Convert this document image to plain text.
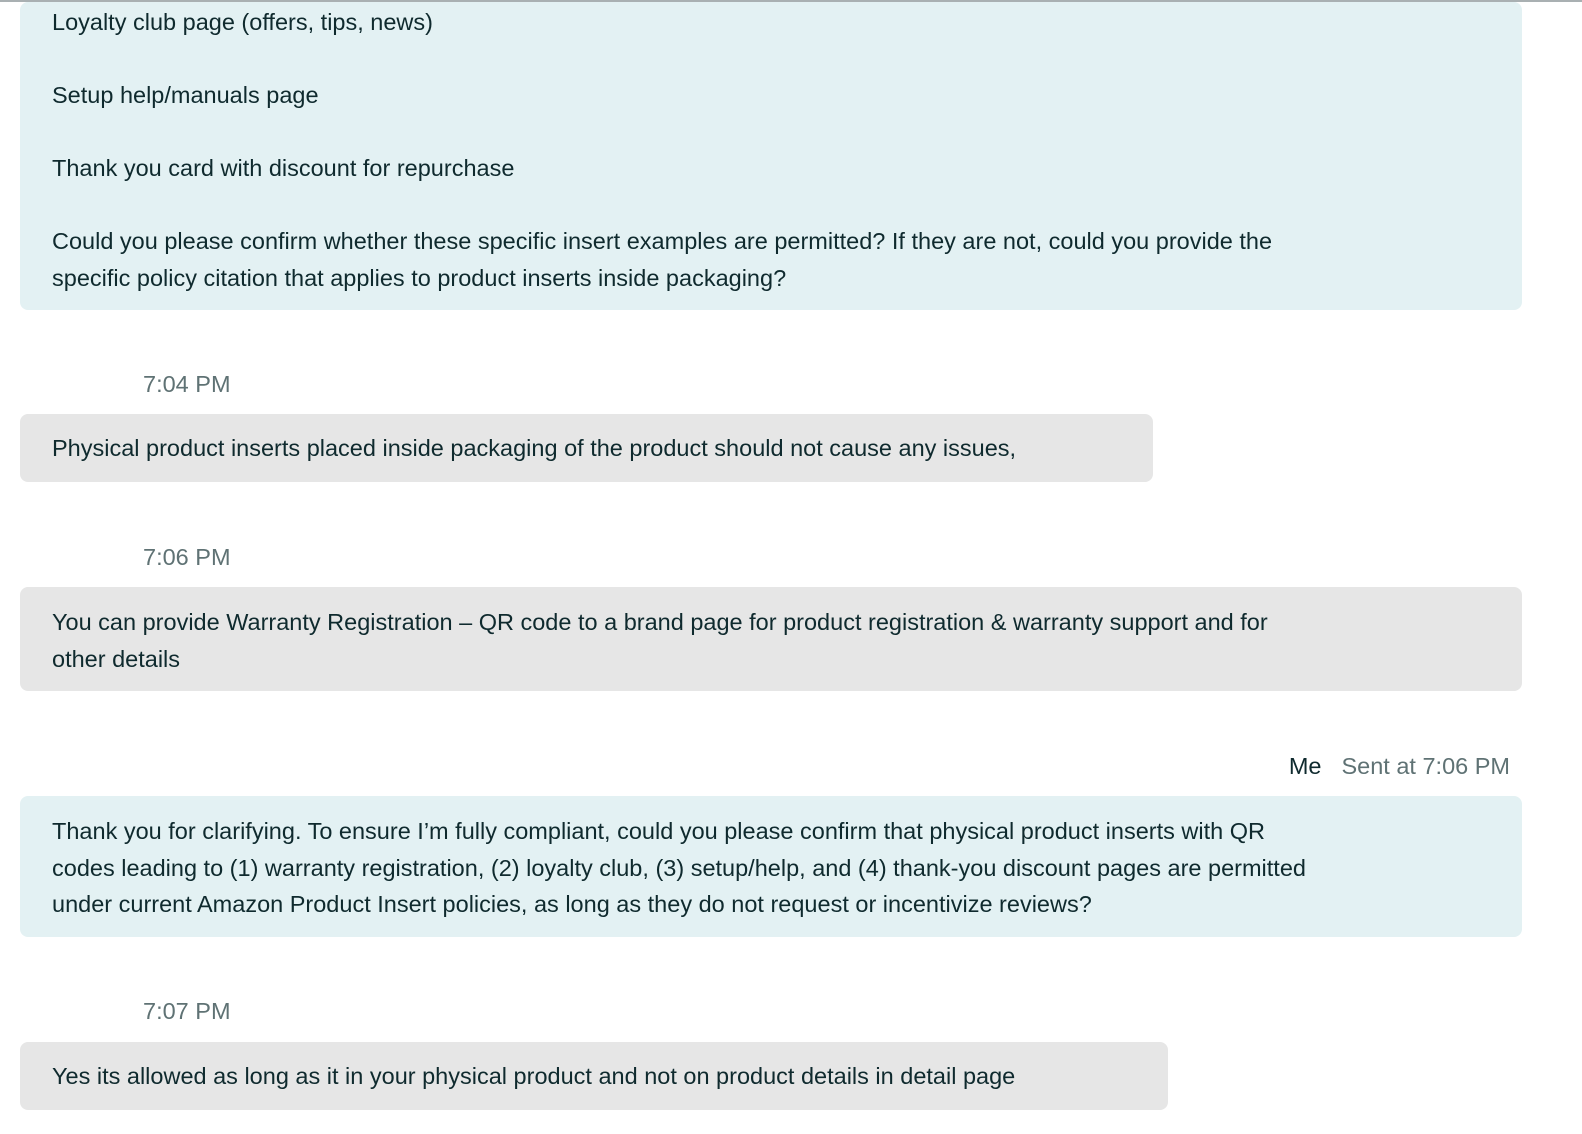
Loyalty club page (offers, tips, news)
Setup help/manuals page
Thank you card with discount for repurchase
Could you please confirm whether these specific insert examples are permitted? If they are not, could you provide the
specific policy citation that applies to product inserts inside packaging?
7:04 PM
Physical product inserts placed inside packaging of the product should not cause any issues,
7:06 PM
You can provide Warranty Registration – QR code to a brand page for product registration & warranty support and for
other details
Me Sent at 7:06 PM
Thank you for clarifying. To ensure I’m fully compliant, could you please confirm that physical product inserts with QR
codes leading to (1) warranty registration, (2) loyalty club, (3) setup/help, and (4) thank-you discount pages are permitted
under current Amazon Product Insert policies, as long as they do not request or incentivize reviews?
7:07 PM
Yes its allowed as long as it in your physical product and not on product details in detail page
